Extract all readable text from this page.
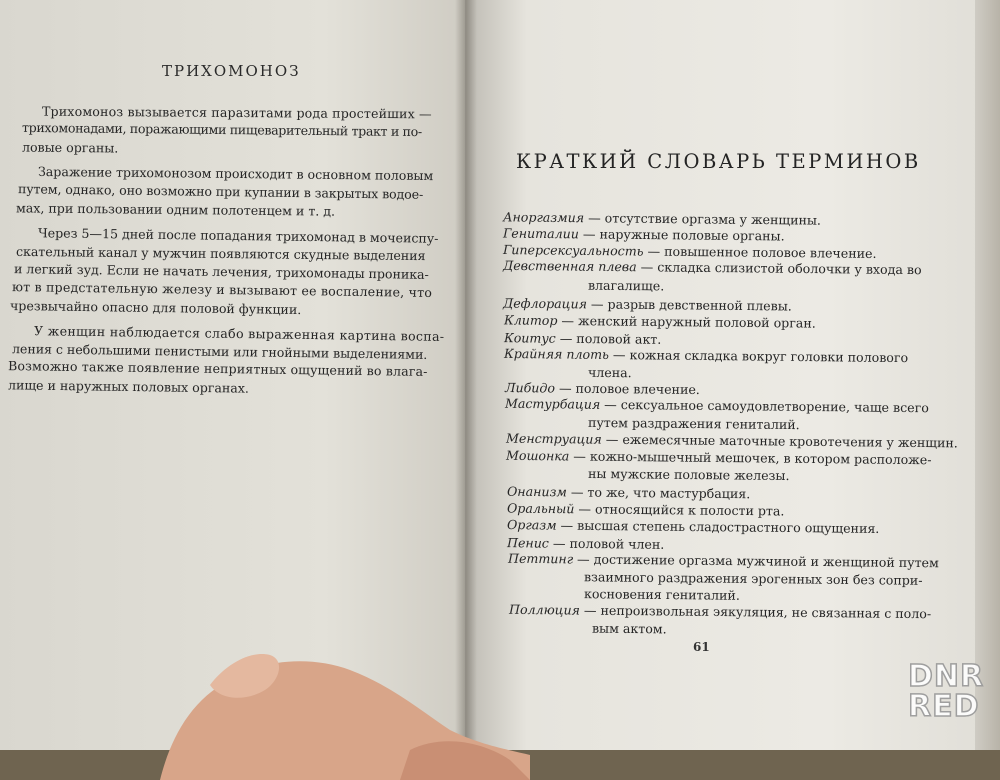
ТРИХОМОНОЗ
Трихомоноз вызывается паразитами рода простейших —
трихомонадами, поражающими пищеварительный тракт и по-
ловые органы.
Заражение трихомонозом происходит в основном половым
путем, однако, оно возможно при купании в закрытых водое-
мах, при пользовании одним полотенцем и т. д.
Через 5—15 дней после попадания трихомонад в мочеиспу-
скательный канал у мужчин появляются скудные выделения
и легкий зуд. Если не начать лечения, трихомонады проника-
ют в предстательную железу и вызывают ее воспаление, что
чрезвычайно опасно для половой функции.
У женщин наблюдается слабо выраженная картина воспа-
ления с небольшими пенистыми или гнойными выделениями.
Возможно также появление неприятных ощущений во влага-
лище и наружных половых органах.
КРАТКИЙ СЛОВАРЬ ТЕРМИНОВ
Аноргазмия — отсутствие оргазма у женщины.
Гениталии — наружные половые органы.
Гиперсексуальность — повышенное половое влечение.
Девственная плева — складка слизистой оболочки у входа во
влагалище.
Дефлорация — разрыв девственной плевы.
Клитор — женский наружный половой орган.
Коитус — половой акт.
Крайняя плоть — кожная складка вокруг головки полового
члена.
Либидо — половое влечение.
Мастурбация — сексуальное самоудовлетворение, чаще всего
путем раздражения гениталий.
Менструация — ежемесячные маточные кровотечения у женщин.
Мошонка — кожно-мышечный мешочек, в котором расположе-
ны мужские половые железы.
Онанизм — то же, что мастурбация.
Оральный — относящийся к полости рта.
Оргазм — высшая степень сладострастного ощущения.
Пенис — половой член.
Петтинг — достижение оргазма мужчиной и женщиной путем
взаимного раздражения эрогенных зон без сопри-
косновения гениталий.
Поллюция — непроизвольная эякуляция, не связанная с поло-
вым актом.
61
DNR
RED
